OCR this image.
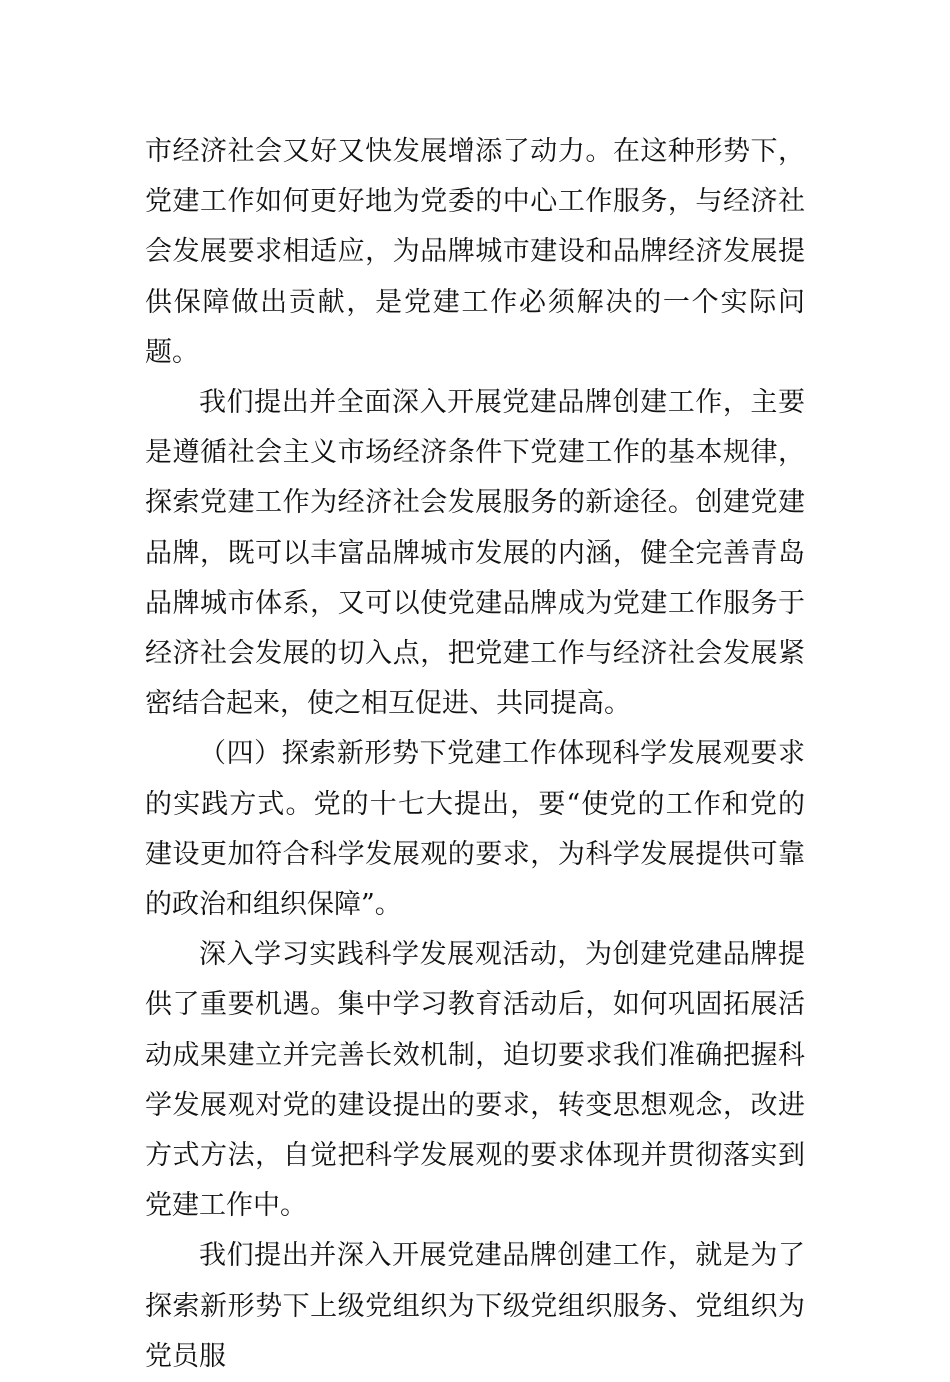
市经济社会又好又快发展增添了动力。在这种形势下，党建工作如何更好地为党委的中心工作服务，与经济社会发展要求相适应，为品牌城市建设和品牌经济发展提供保障做出贡献，是党建工作必须解决的一个实际问题。

我们提出并全面深入开展党建品牌创建工作，主要是遵循社会主义市场经济条件下党建工作的基本规律，探索党建工作为经济社会发展服务的新途径。创建党建品牌，既可以丰富品牌城市发展的内涵，健全完善青岛品牌城市体系，又可以使党建品牌成为党建工作服务于经济社会发展的切入点，把党建工作与经济社会发展紧密结合起来，使之相互促进、共同提高。

（四）探索新形势下党建工作体现科学发展观要求的实践方式。党的十七大提出，要“使党的工作和党的建设更加符合科学发展观的要求，为科学发展提供可靠的政治和组织保障”。

深入学习实践科学发展观活动，为创建党建品牌提供了重要机遇。集中学习教育活动后，如何巩固拓展活动成果建立并完善长效机制，迫切要求我们准确把握科学发展观对党的建设提出的要求，转变思想观念，改进方式方法，自觉把科学发展观的要求体现并贯彻落实到党建工作中。

我们提出并深入开展党建品牌创建工作，就是为了探索新形势下上级党组织为下级党组织服务、党组织为党员服
